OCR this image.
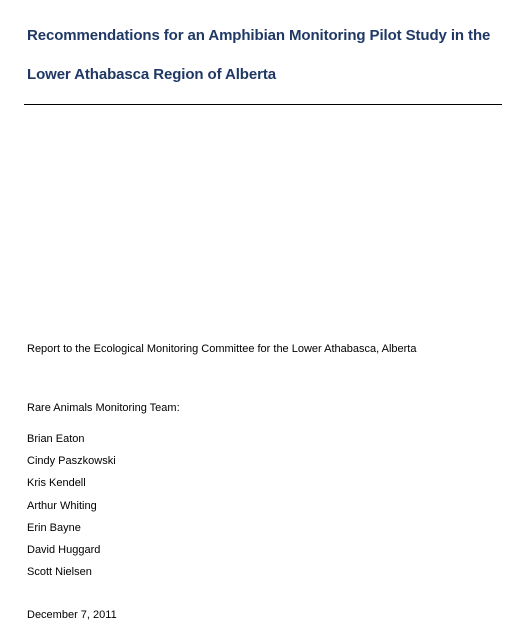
Recommendations for an Amphibian Monitoring Pilot Study in the
Lower Athabasca Region of Alberta
Report to the Ecological Monitoring Committee for the Lower Athabasca, Alberta
Rare Animals Monitoring Team:
Brian Eaton
Cindy Paszkowski
Kris Kendell
Arthur Whiting
Erin Bayne
David Huggard
Scott Nielsen
December 7, 2011
